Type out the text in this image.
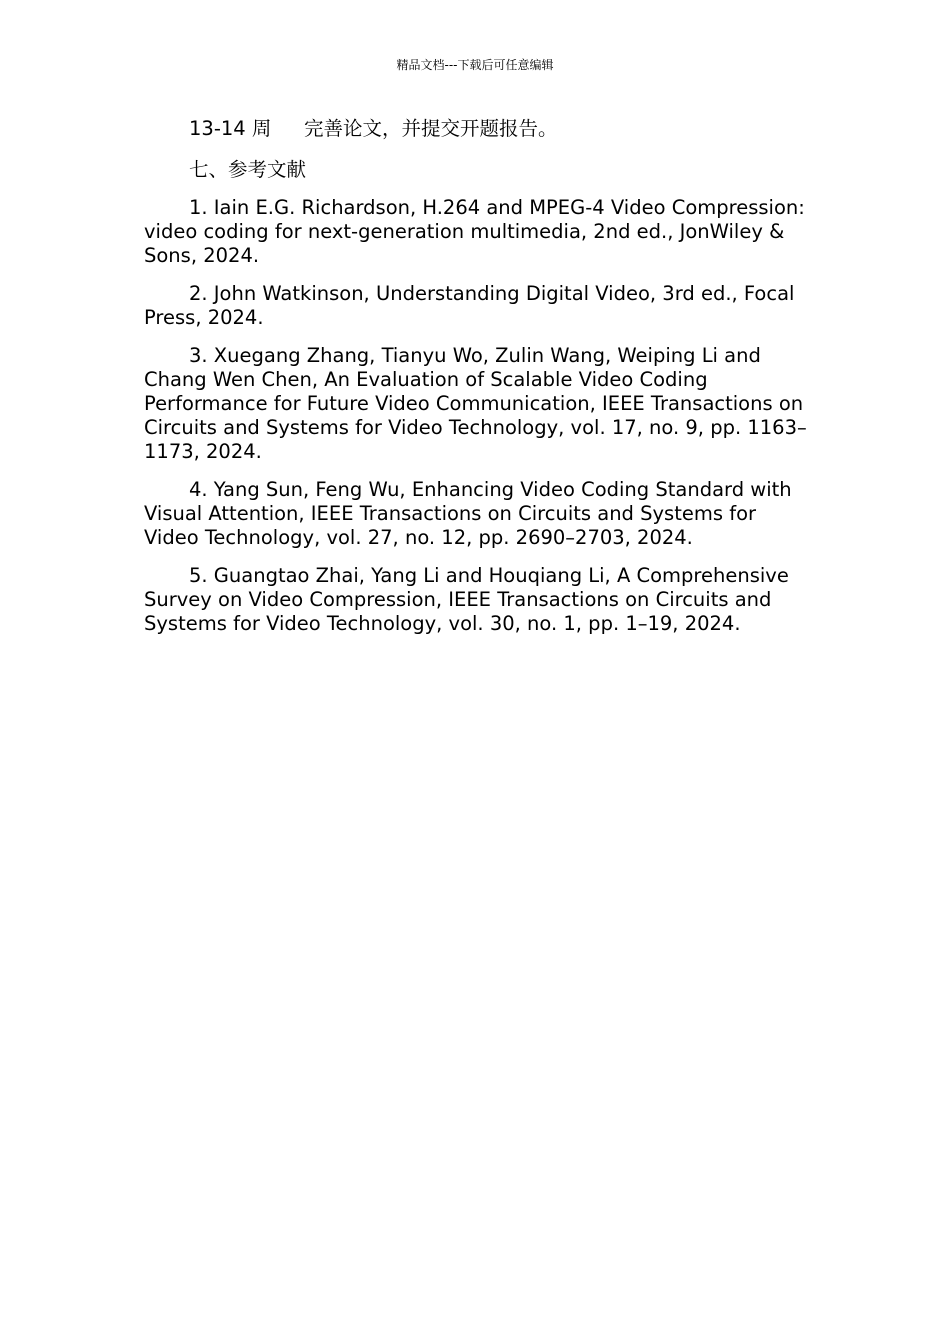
精品文档---下载后可任意编辑

13-14 周 完善论文，并提交开题报告。

七、参考文献

1. Iain E.G. Richardson, H.264 and MPEG-4 Video Compression: video coding for next-generation multimedia, 2nd ed., JonWiley & Sons, 2024.

2. John Watkinson, Understanding Digital Video, 3rd ed., Focal Press, 2024.

3. Xuegang Zhang, Tianyu Wo, Zulin Wang, Weiping Li and Chang Wen Chen, An Evaluation of Scalable Video Coding Performance for Future Video Communication, IEEE Transactions on Circuits and Systems for Video Technology, vol. 17, no. 9, pp. 1163–1173, 2024.

4. Yang Sun, Feng Wu, Enhancing Video Coding Standard with Visual Attention, IEEE Transactions on Circuits and Systems for Video Technology, vol. 27, no. 12, pp. 2690–2703, 2024.

5. Guangtao Zhai, Yang Li and Houqiang Li, A Comprehensive Survey on Video Compression, IEEE Transactions on Circuits and Systems for Video Technology, vol. 30, no. 1, pp. 1–19, 2024.
